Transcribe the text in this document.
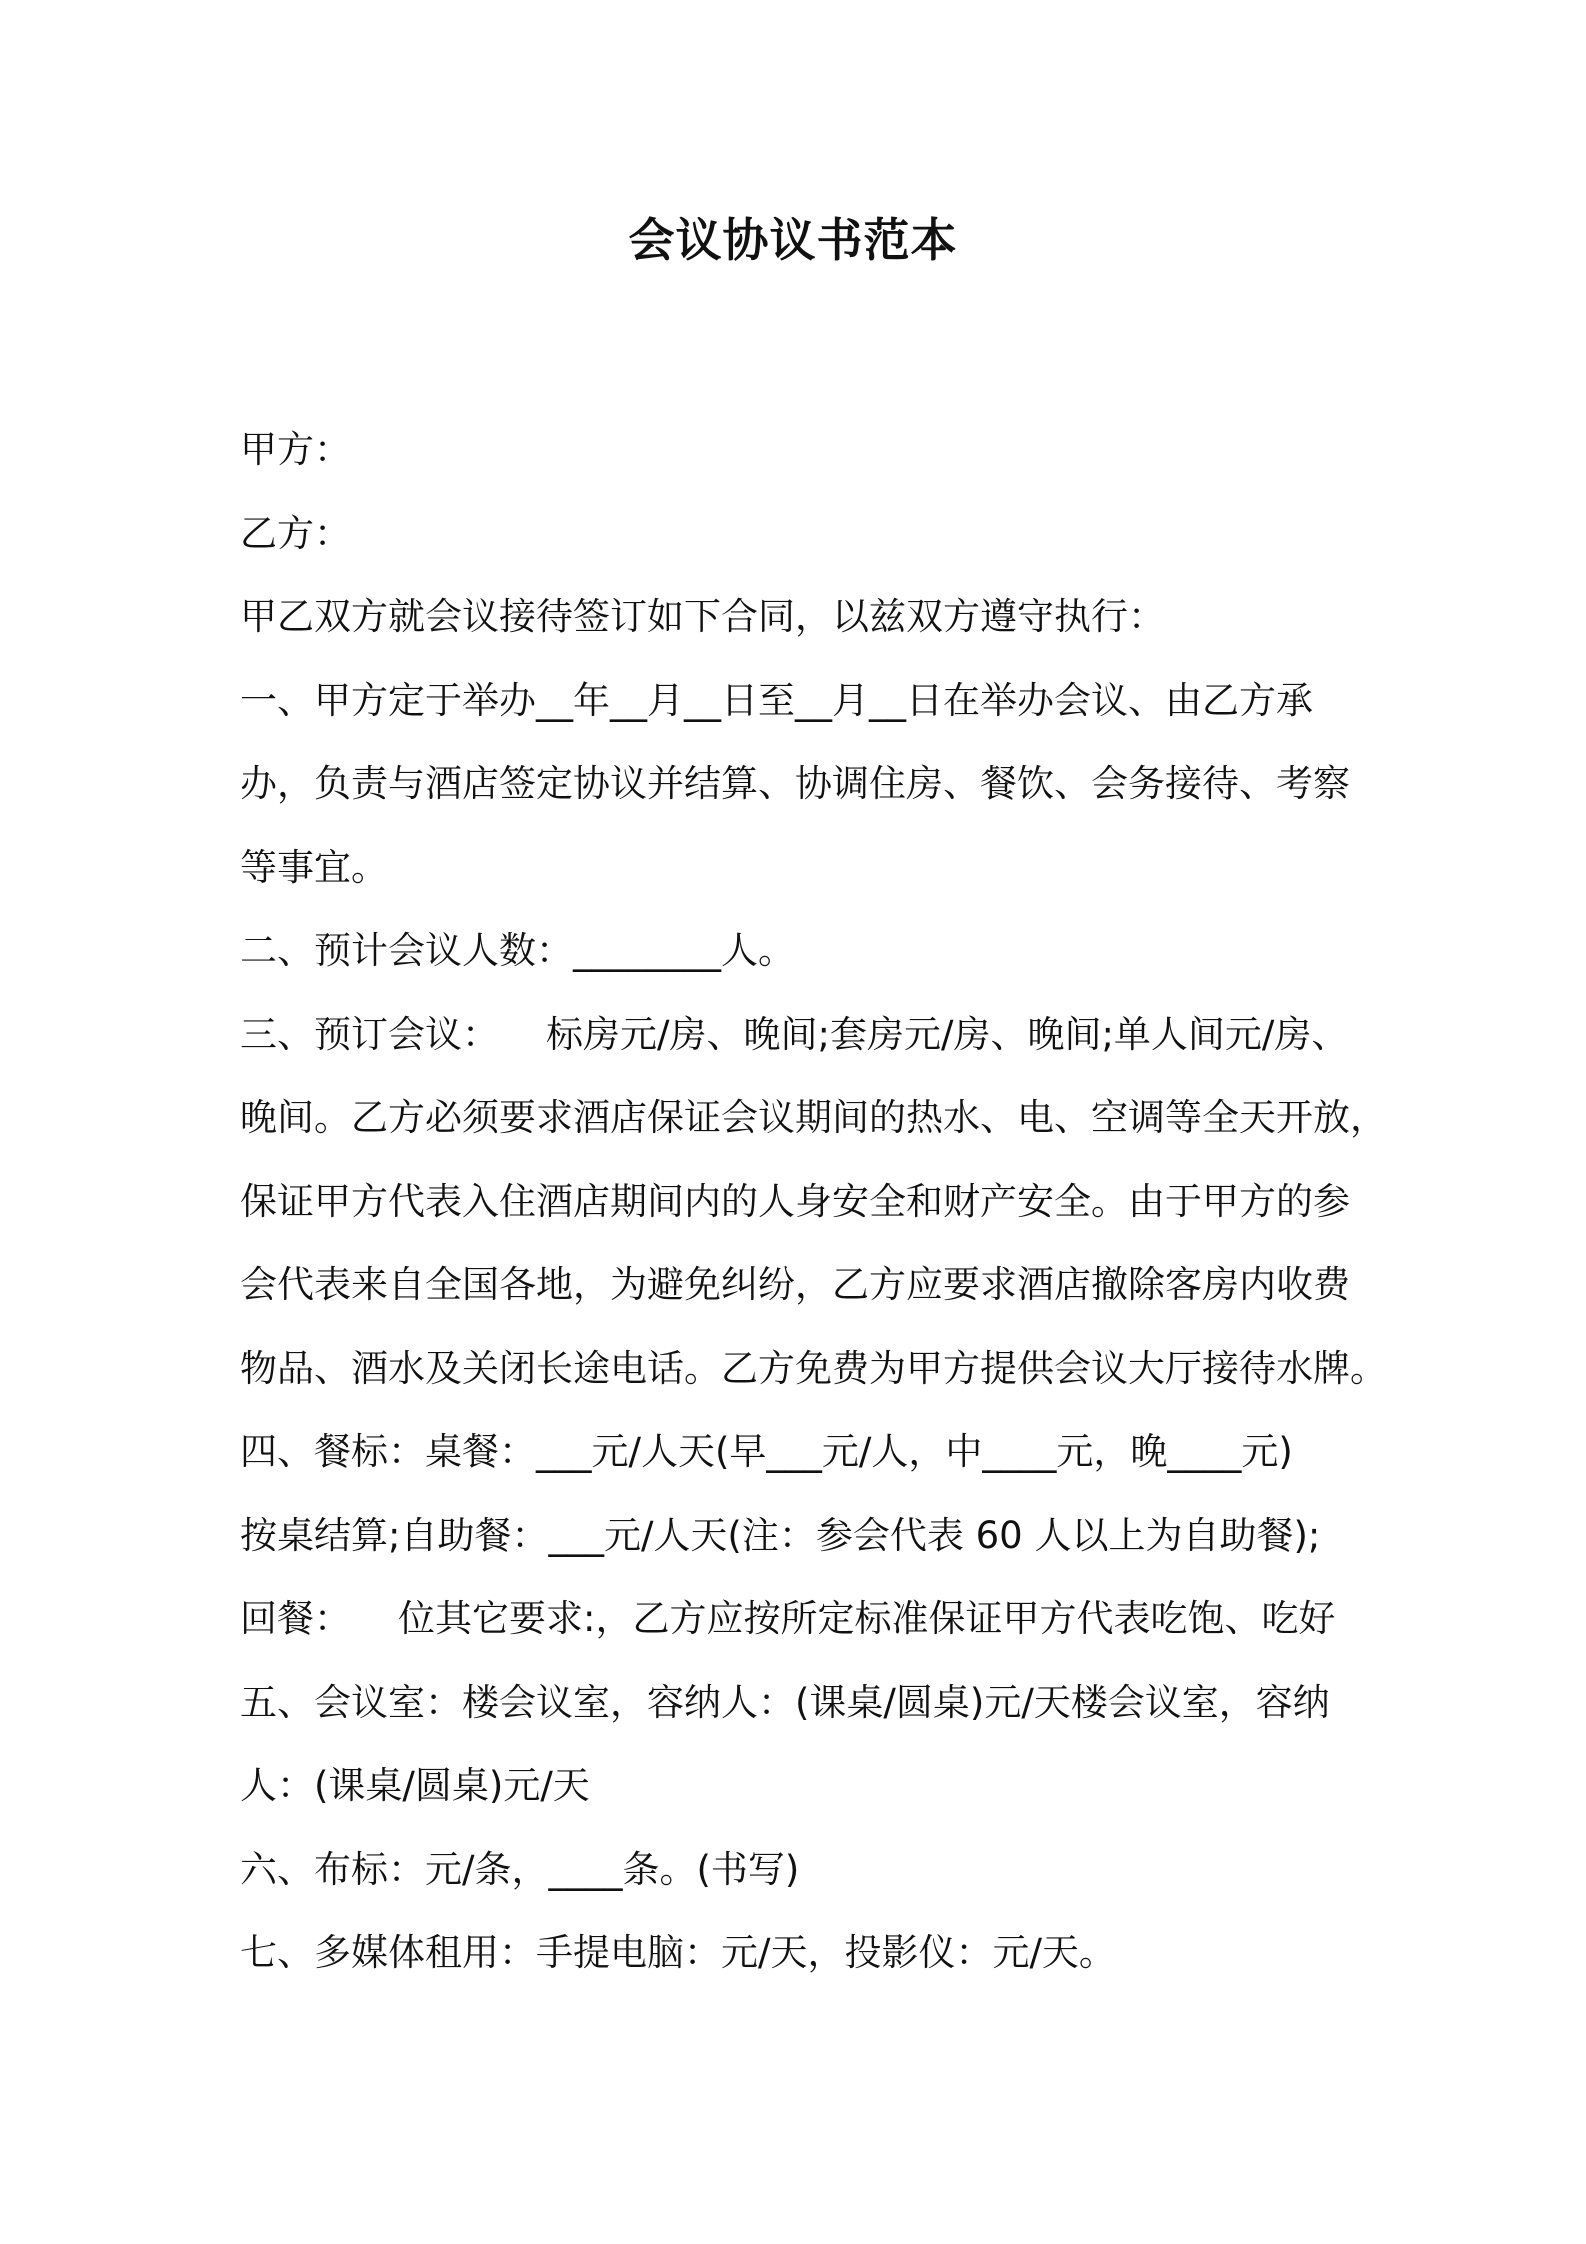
会议协议书范本
甲方：
乙方：
甲乙双方就会议接待签订如下合同，以兹双方遵守执行：
一、甲方定于举办__年__月__日至__月__日在举办会议、由乙方承
办，负责与酒店签定协议并结算、协调住房、餐饮、会务接待、考察
等事宜。
二、预计会议人数：________人。
三、预订会议：    标房元/房、晚间;套房元/房、晚间;单人间元/房、
晚间。乙方必须要求酒店保证会议期间的热水、电、空调等全天开放，
保证甲方代表入住酒店期间内的人身安全和财产安全。由于甲方的参
会代表来自全国各地，为避免纠纷，乙方应要求酒店撤除客房内收费
物品、酒水及关闭长途电话。乙方免费为甲方提供会议大厅接待水牌。
四、餐标：桌餐：___元/人天(早___元/人，中____元，晚____元)
按桌结算;自助餐：___元/人天(注：参会代表 60 人以上为自助餐);
回餐：    位其它要求:，乙方应按所定标准保证甲方代表吃饱、吃好
五、会议室：楼会议室，容纳人：(课桌/圆桌)元/天楼会议室，容纳
人：(课桌/圆桌)元/天
六、布标：元/条，____条。(书写)
七、多媒体租用：手提电脑：元/天，投影仪：元/天。
